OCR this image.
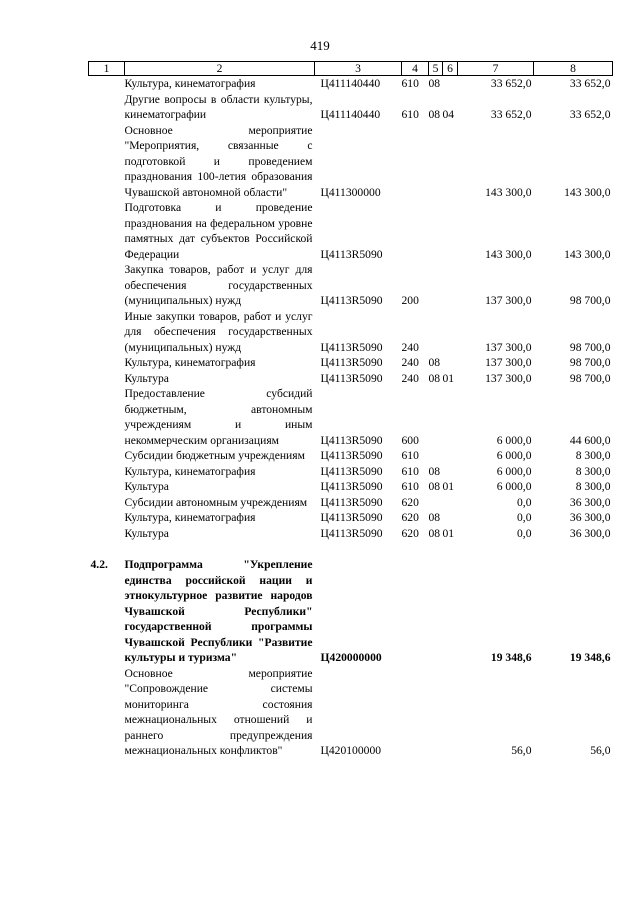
419
1	2	3	4	5	6	7	8
	Культура, кинематография	Ц411140440	610	08		33 652,0	33 652,0
	Другие вопросы в области культуры, кинематографии	Ц411140440	610	08	04	33 652,0	33 652,0
	Основное мероприятие "Мероприятия, связанные с подготовкой и проведением празднования 100-летия образования Чувашской автономной области"	Ц411300000				143 300,0	143 300,0
	Подготовка и проведение празднования на федеральном уровне памятных дат субъектов Российской Федерации	Ц4113R5090				143 300,0	143 300,0
	Закупка товаров, работ и услуг для обеспечения государственных (муниципальных) нужд	Ц4113R5090	200			137 300,0	98 700,0
	Иные закупки товаров, работ и услуг для обеспечения государственных (муниципальных) нужд	Ц4113R5090	240			137 300,0	98 700,0
	Культура, кинематография	Ц4113R5090	240	08		137 300,0	98 700,0
	Культура	Ц4113R5090	240	08	01	137 300,0	98 700,0
	Предоставление субсидий бюджетным, автономным учреждениям и иным некоммерческим организациям	Ц4113R5090	600			6 000,0	44 600,0
	Субсидии бюджетным учреждениям	Ц4113R5090	610			6 000,0	8 300,0
	Культура, кинематография	Ц4113R5090	610	08		6 000,0	8 300,0
	Культура	Ц4113R5090	610	08	01	6 000,0	8 300,0
	Субсидии автономным учреждениям	Ц4113R5090	620			0,0	36 300,0
	Культура, кинематография	Ц4113R5090	620	08		0,0	36 300,0
	Культура	Ц4113R5090	620	08	01	0,0	36 300,0

4.2.	Подпрограмма "Укрепление единства российской нации и этнокультурное развитие народов Чувашской Республики" государственной программы Чувашской Республики "Развитие культуры и туризма"	Ц420000000				19 348,6	19 348,6
	Основное мероприятие "Сопровождение системы мониторинга состояния межнациональных отношений и раннего предупреждения межнациональных конфликтов"	Ц420100000				56,0	56,0
